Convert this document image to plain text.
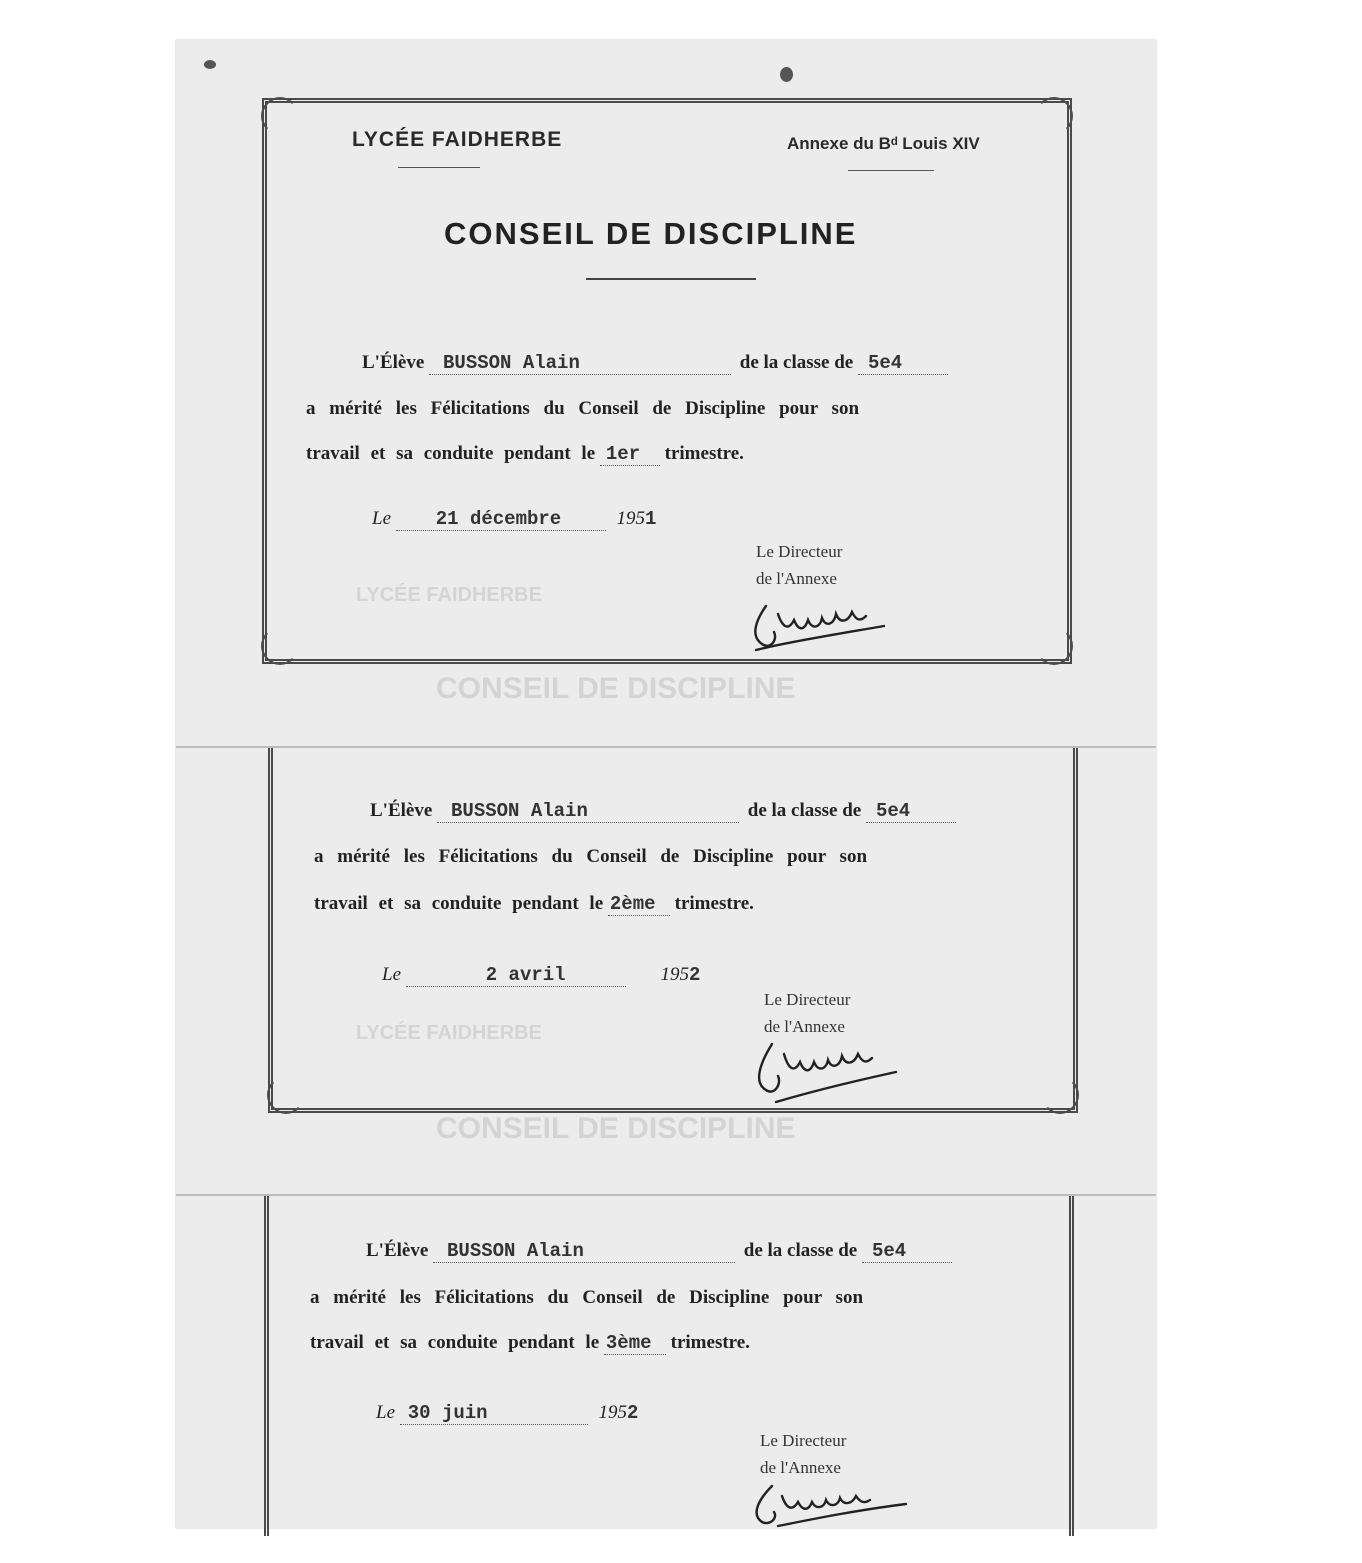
LYCÉE FAIDHERBE
CONSEIL DE DISCIPLINE
LYCÉE FAIDHERBE
CONSEIL DE DISCIPLINE
LYCÉE FAIDHERBE	Annexe du Bᵈ Louis XIV
CONSEIL DE DISCIPLINE
L'Élève BUSSON Alain	de la classe de 5e4
a mérité les Félicitations du Conseil de Discipline pour son
travail et sa conduite pendant le 1er trimestre.
Le 21 décembre	1951
Le Directeur
de l'Annexe
L'Élève BUSSON Alain	de la classe de 5e4
a mérité les Félicitations du Conseil de Discipline pour son
travail et sa conduite pendant le 2ème trimestre.
Le	2 avril	1952
Le Directeur
de l'Annexe
L'Élève BUSSON Alain	de la classe de 5e4
a mérité les Félicitations du Conseil de Discipline pour son
travail et sa conduite pendant le 3ème trimestre.
Le 30 juin	1952
Le Directeur
de l'Annexe
